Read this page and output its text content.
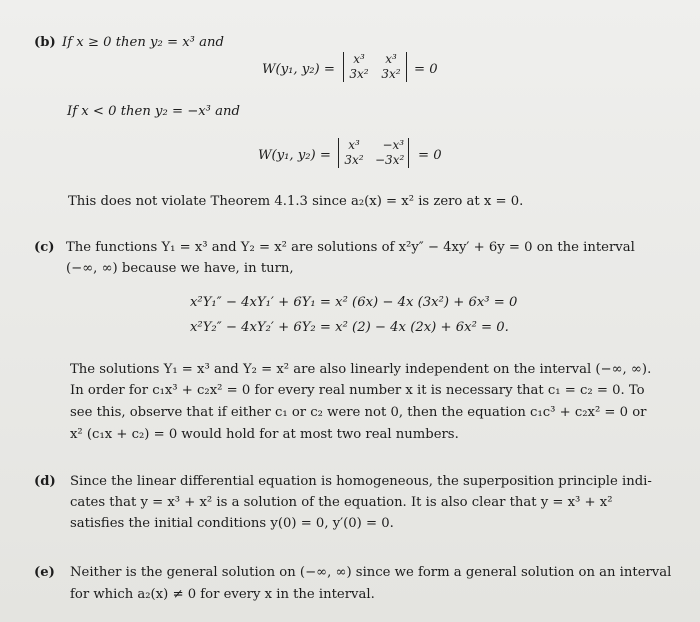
(b) If x ≥ 0 then y₂ = x³ and
W(y₁, y₂) =
x³	x³
3x² 3x² = 0
If x < 0 then y₂ = −x³ and
W(y₁, y₂) =
x³	−x³
3x² −3x² = 0
This does not violate Theorem 4.1.3 since a₂(x) = x² is zero at x = 0.
(c) The functions Y₁ = x³ and Y₂ = x² are solutions of x²y″ − 4xy′ + 6y = 0 on the interval
(−∞, ∞) because we have, in turn,
x²Y₁″ − 4xY₁′ + 6Y₁ = x² (6x) − 4x (3x²) + 6x³ = 0
x²Y₂″ − 4xY₂′ + 6Y₂ = x² (2) − 4x (2x) + 6x² = 0.
The solutions Y₁ = x³ and Y₂ = x² are also linearly independent on the interval (−∞, ∞).
In order for c₁x³ + c₂x² = 0 for every real number x it is necessary that c₁ = c₂ = 0. To
see this, observe that if either c₁ or c₂ were not 0, then the equation c₁c³ + c₂x² = 0 or
x² (c₁x + c₂) = 0 would hold for at most two real numbers.
(d) Since the linear differential equation is homogeneous, the superposition principle indi-
cates that y = x³ + x² is a solution of the equation. It is also clear that y = x³ + x²
satisfies the initial conditions y(0) = 0, y′(0) = 0.
(e) Neither is the general solution on (−∞, ∞) since we form a general solution on an interval
for which a₂(x) ≠ 0 for every x in the interval.
